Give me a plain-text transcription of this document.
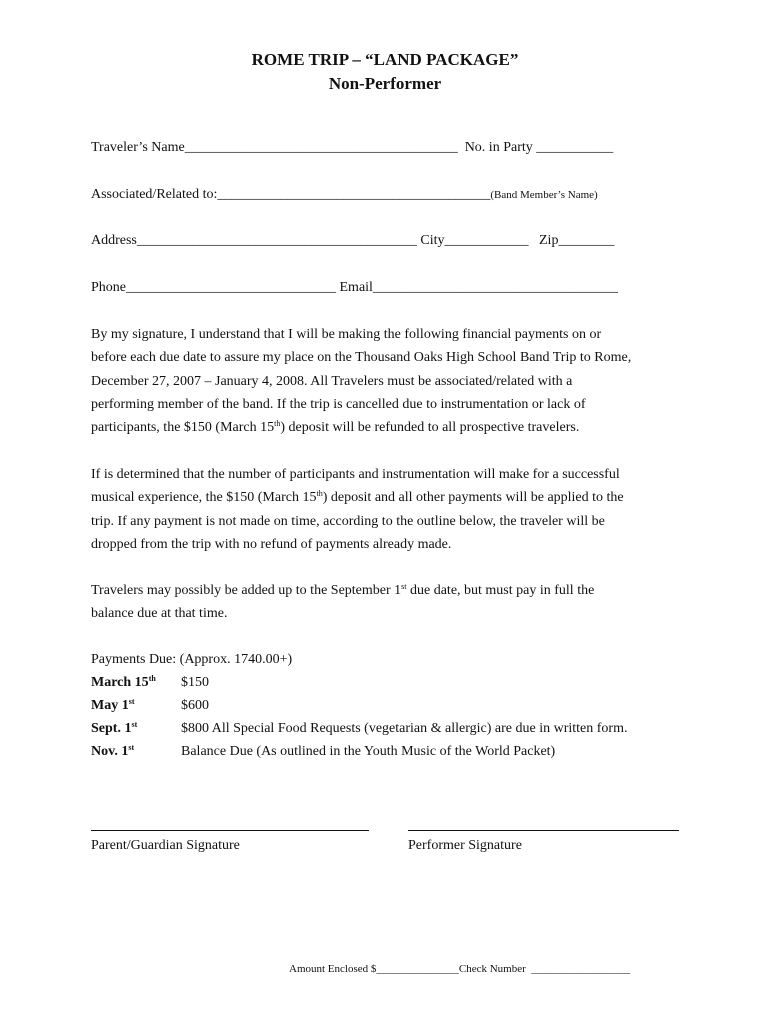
ROME TRIP – “LAND PACKAGE”
Non-Performer
Traveler’s Name_______________________________________  No. in Party ___________
Associated/Related to:_______________________________________(Band Member’s Name)
Address________________________________________ City____________   Zip________
Phone______________________________ Email___________________________________

By my signature, I understand that I will be making the following financial payments on or

before each due date to assure my place on the Thousand Oaks High School Band Trip to Rome,

December 27, 2007 – January 4, 2008. All Travelers must be associated/related with a

performing member of the band. If the trip is cancelled due to instrumentation or lack of

participants, the $150 (March 15th) deposit will be refunded to all prospective travelers.

If is determined that the number of participants and instrumentation will make for a successful

musical experience, the $150 (March 15th) deposit and all other payments will be applied to the

trip. If any payment is not made on time, according to the outline below, the traveler will be

dropped from the trip with no refund of payments already made.

Travelers may possibly be added up to the September 1st due date, but must pay in full the

balance due at that time.

Payments Due: (Approx. 1740.00+)
March 15th $150
May 1st	$600
Sept. 1st	$800 All Special Food Requests (vegetarian & allergic) are due in written form.
Nov. 1st	Balance Due (As outlined in the Youth Music of the World Packet)
Parent/Guardian Signature	Performer Signature
Amount Enclosed $_______________Check Number  __________________
